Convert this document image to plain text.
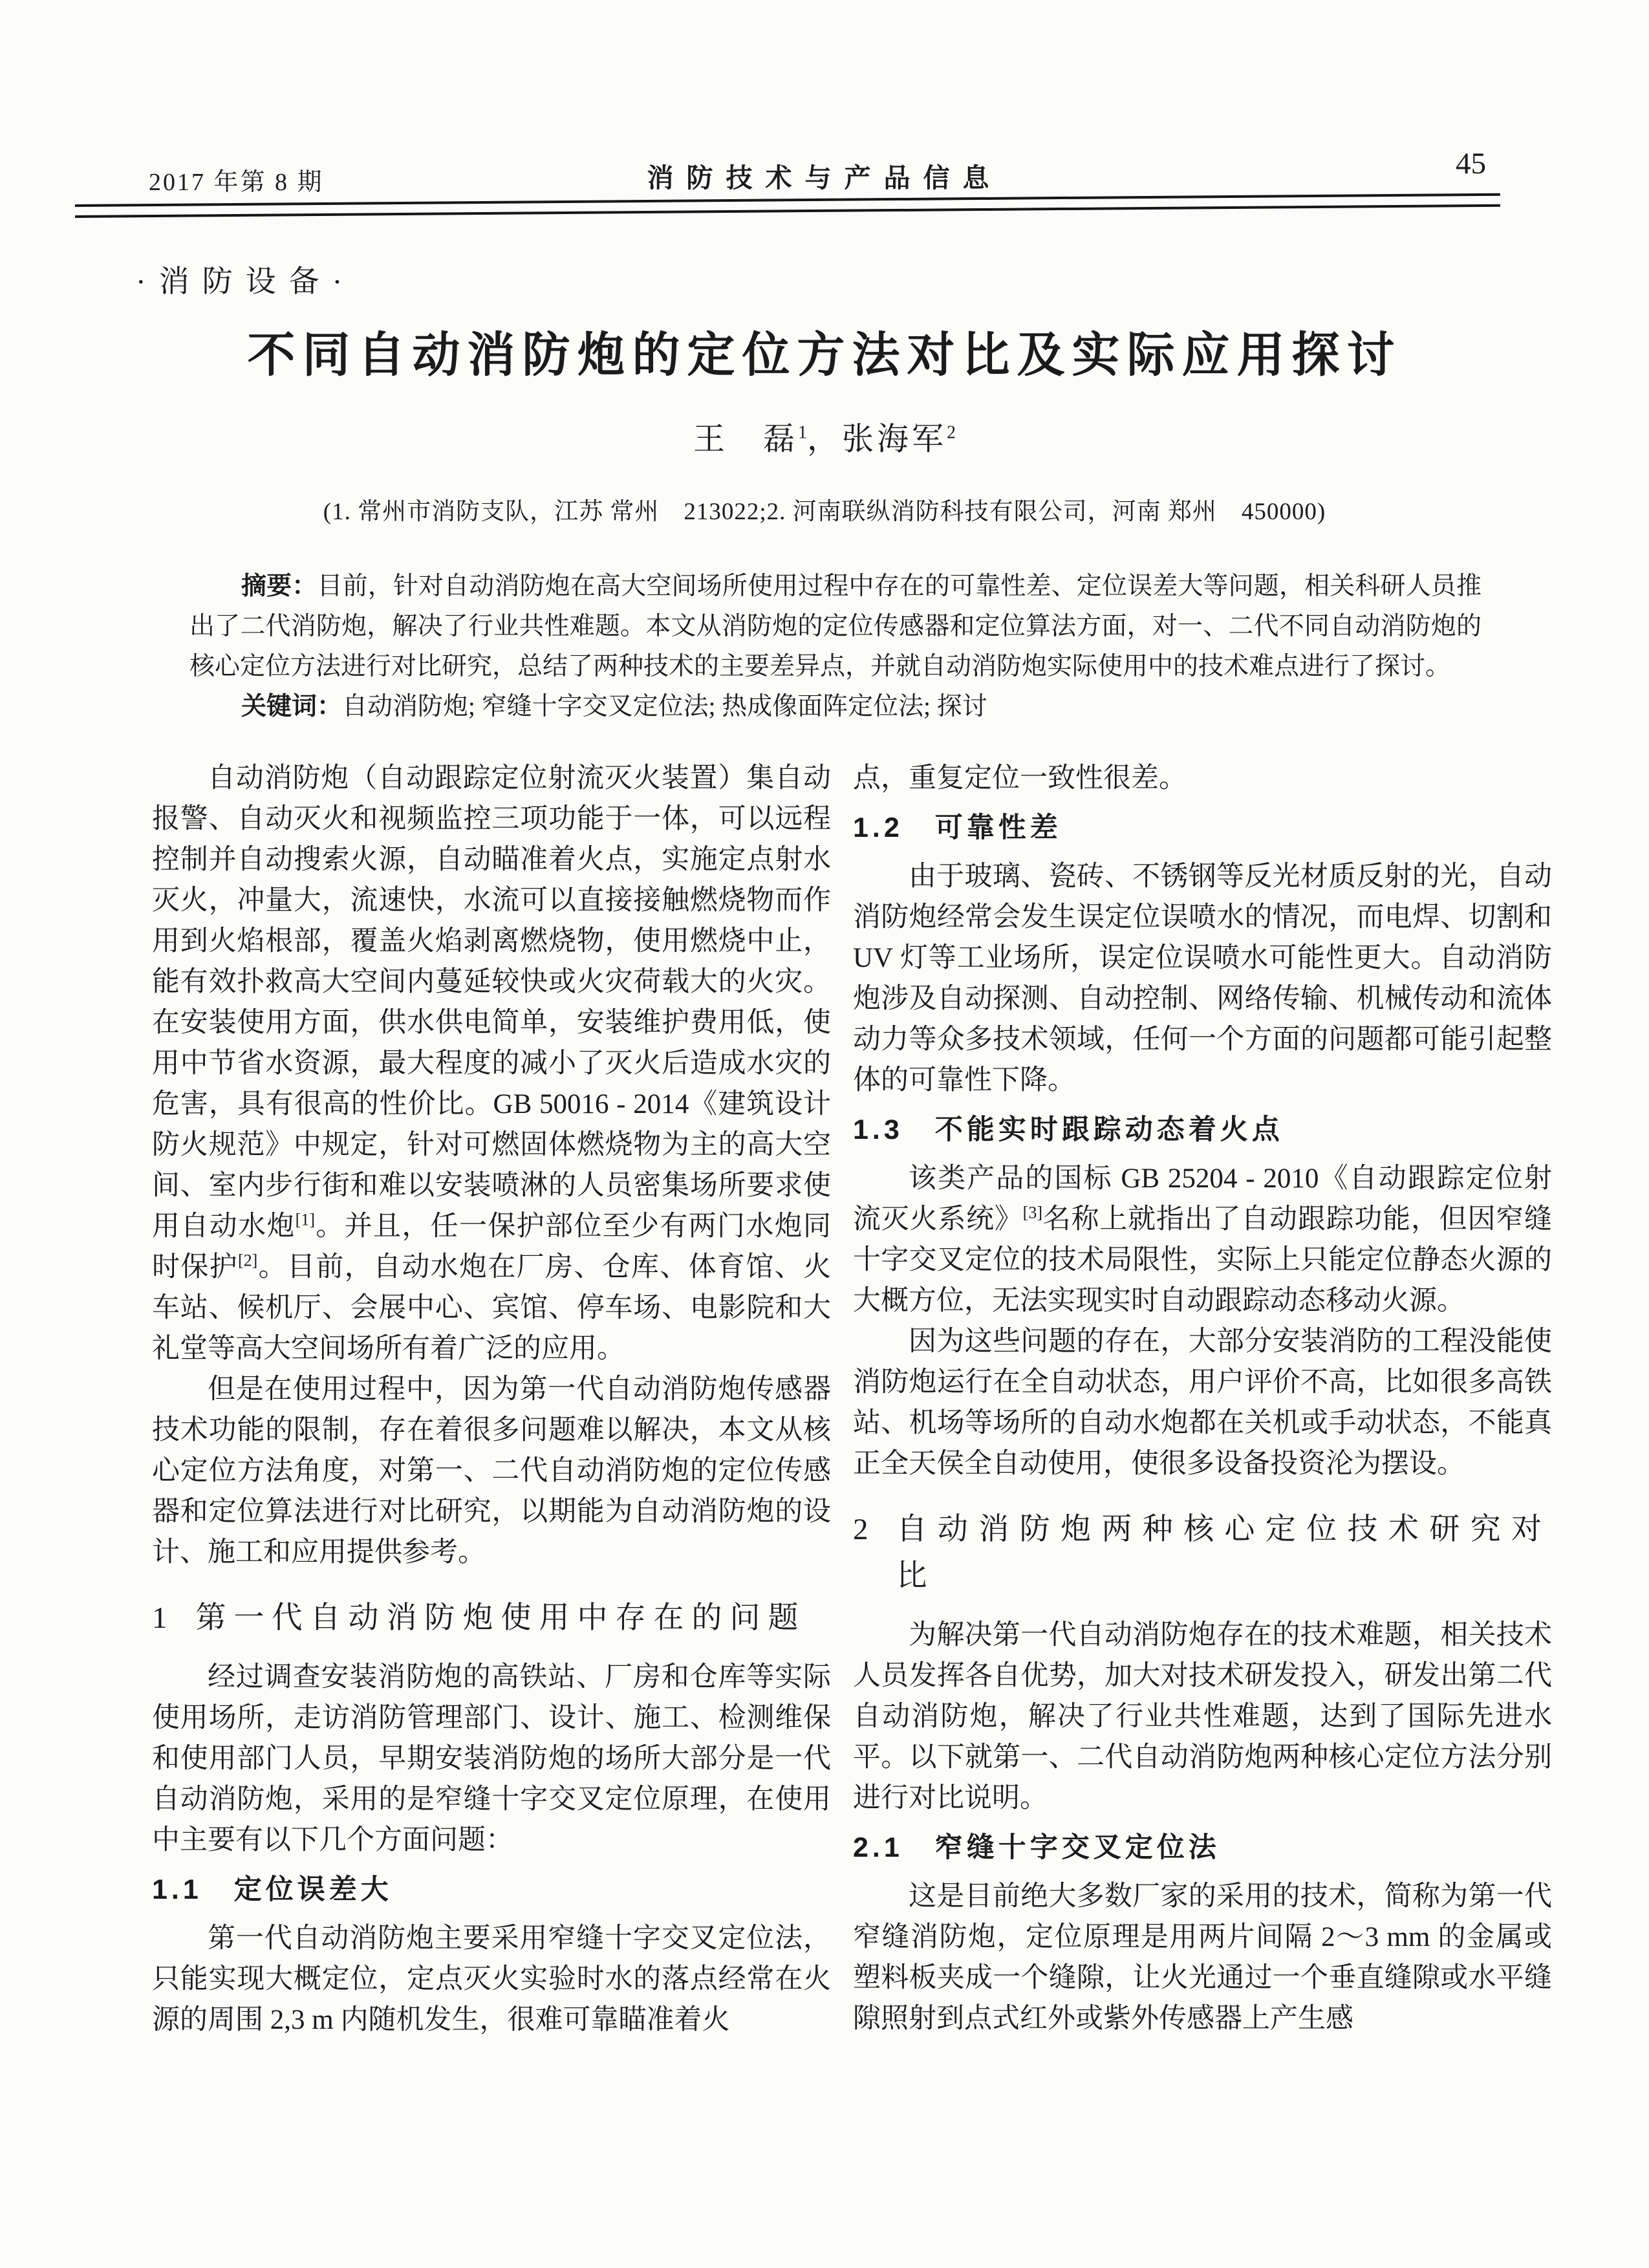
2017 年第 8 期	消防技术与产品信息	45
·消防设备·
不同自动消防炮的定位方法对比及实际应用探讨
王　磊$^1$，张海军$^2$
(1. 常州市消防支队，江苏 常州　213022;2. 河南联纵消防科技有限公司，河南 郑州　450000)

摘要：目前，针对自动消防炮在高大空间场所使用过程中存在的可靠性差、定位误差大等问题，相关科研人员推出了二代消防炮，解决了行业共性难题。本文从消防炮的定位传感器和定位算法方面，对一、二代不同自动消防炮的核心定位方法进行对比研究，总结了两种技术的主要差异点，并就自动消防炮实际使用中的技术难点进行了探讨。

关键词：自动消防炮; 窄缝十字交叉定位法; 热成像面阵定位法; 探讨

自动消防炮（自动跟踪定位射流灭火装置）集自动报警、自动灭火和视频监控三项功能于一体，可以远程控制并自动搜索火源，自动瞄准着火点，实施定点射水灭火，冲量大，流速快，水流可以直接接触燃烧物而作用到火焰根部，覆盖火焰剥离燃烧物，使用燃烧中止，能有效扑救高大空间内蔓延较快或火灾荷载大的火灾。在安装使用方面，供水供电简单，安装维护费用低，使用中节省水资源，最大程度的减小了灭火后造成水灾的危害，具有很高的性价比。GB 50016 - 2014《建筑设计防火规范》中规定，针对可燃固体燃烧物为主的高大空间、室内步行街和难以安装喷淋的人员密集场所要求使用自动水炮[1]。并且，任一保护部位至少有两门水炮同时保护[2]。目前，自动水炮在厂房、仓库、体育馆、火车站、候机厅、会展中心、宾馆、停车场、电影院和大礼堂等高大空间场所有着广泛的应用。

但是在使用过程中，因为第一代自动消防炮传感器技术功能的限制，存在着很多问题难以解决，本文从核心定位方法角度，对第一、二代自动消防炮的定位传感器和定位算法进行对比研究，以期能为自动消防炮的设计、施工和应用提供参考。

1 第一代自动消防炮使用中存在的问题

经过调查安装消防炮的高铁站、厂房和仓库等实际使用场所，走访消防管理部门、设计、施工、检测维保和使用部门人员，早期安装消防炮的场所大部分是一代自动消防炮，采用的是窄缝十字交叉定位原理，在使用中主要有以下几个方面问题：

1.1　定位误差大

第一代自动消防炮主要采用窄缝十字交叉定位法，只能实现大概定位，定点灭火实验时水的落点经常在火源的周围 2,3 m 内随机发生，很难可靠瞄准着火

点，重复定位一致性很差。

1.2　可靠性差

由于玻璃、瓷砖、不锈钢等反光材质反射的光，自动消防炮经常会发生误定位误喷水的情况，而电焊、切割和 UV 灯等工业场所，误定位误喷水可能性更大。自动消防炮涉及自动探测、自动控制、网络传输、机械传动和流体动力等众多技术领域，任何一个方面的问题都可能引起整体的可靠性下降。

1.3　不能实时跟踪动态着火点

该类产品的国标 GB 25204 - 2010《自动跟踪定位射流灭火系统》[3]名称上就指出了自动跟踪功能，但因窄缝十字交叉定位的技术局限性，实际上只能定位静态火源的大概方位，无法实现实时自动跟踪动态移动火源。

因为这些问题的存在，大部分安装消防的工程没能使消防炮运行在全自动状态，用户评价不高，比如很多高铁站、机场等场所的自动水炮都在关机或手动状态，不能真正全天侯全自动使用，使很多设备投资沦为摆设。

2 自动消防炮两种核心定位技术研究对比

为解决第一代自动消防炮存在的技术难题，相关技术人员发挥各自优势，加大对技术研发投入，研发出第二代自动消防炮，解决了行业共性难题，达到了国际先进水平。以下就第一、二代自动消防炮两种核心定位方法分别进行对比说明。

2.1　窄缝十字交叉定位法

这是目前绝大多数厂家的采用的技术，简称为第一代窄缝消防炮，定位原理是用两片间隔 2～3 mm 的金属或塑料板夹成一个缝隙，让火光通过一个垂直缝隙或水平缝隙照射到点式红外或紫外传感器上产生感
